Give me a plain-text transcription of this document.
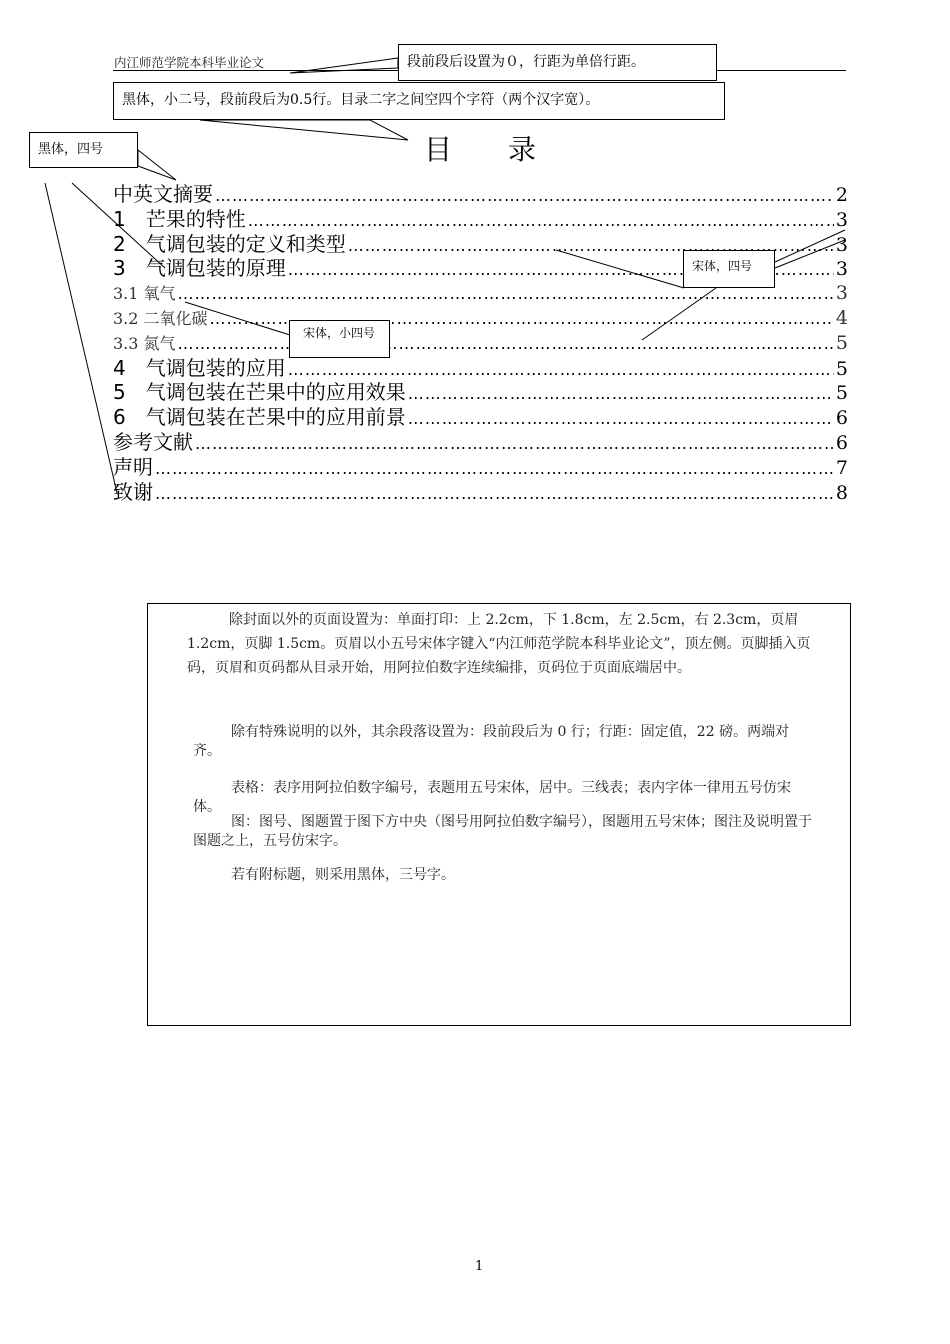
内江师范学院本科毕业论文	段前段后设置为０，行距为单倍行距。
黑体，小二号，段前段后为0.5行。目录二字之间空四个字符（两个汉字宽）。
黑体，四号	目 录
中英文摘要 …………………………………………………………………………………………………………………………………………………………………………………………	2
1　芒果的特性 …………………………………………………………………………………………………………………………………………………………………………………………	3
2　气调包装的定义和类型 …………………………………………………………………………………………………………………………………………………………………………………………	3
3　气调包装的原理 …………………………………………………………………………………………………………………………………………………………………………………………	3
3.1 氧气 …………………………………………………………………………………………………………………………………………………………………………………………	3
3.2 二氧化碳 …………………………………………………………………………………………………………………………………………………………………………………………	4
3.3 氮气 …………………………………………………………………………………………………………………………………………………………………………………………	5
4　气调包装的应用 …………………………………………………………………………………………………………………………………………………………………………………………	5
5　气调包装在芒果中的应用效果 …………………………………………………………………………………………………………………………………………………………………………………………	5
6　气调包装在芒果中的应用前景 …………………………………………………………………………………………………………………………………………………………………………………………	6
参考文献 …………………………………………………………………………………………………………………………………………………………………………………………	6
声明 …………………………………………………………………………………………………………………………………………………………………………………………	7
致谢 …………………………………………………………………………………………………………………………………………………………………………………………	8
宋体，四号
宋体，小四号

除封面以外的页面设置为：单面打印：上 2.2cm，下 1.8cm，左 2.5cm，右 2.3cm，页眉 1.2cm，页脚 1.5cm。页眉以小五号宋体字键入“内江师范学院本科毕业论文”，顶左侧。页脚插入页码，页眉和页码都从目录开始，用阿拉伯数字连续编排，页码位于页面底端居中。

除有特殊说明的以外，其余段落设置为：段前段后为 0 行；行距：固定值，22 磅。两端对齐。

表格：表序用阿拉伯数字编号，表题用五号宋体，居中。三线表；表内字体一律用五号仿宋体。

图：图号、图题置于图下方中央（图号用阿拉伯数字编号），图题用五号宋体；图注及说明置于图题之上，五号仿宋字。

若有附标题，则采用黑体，三号字。

1
